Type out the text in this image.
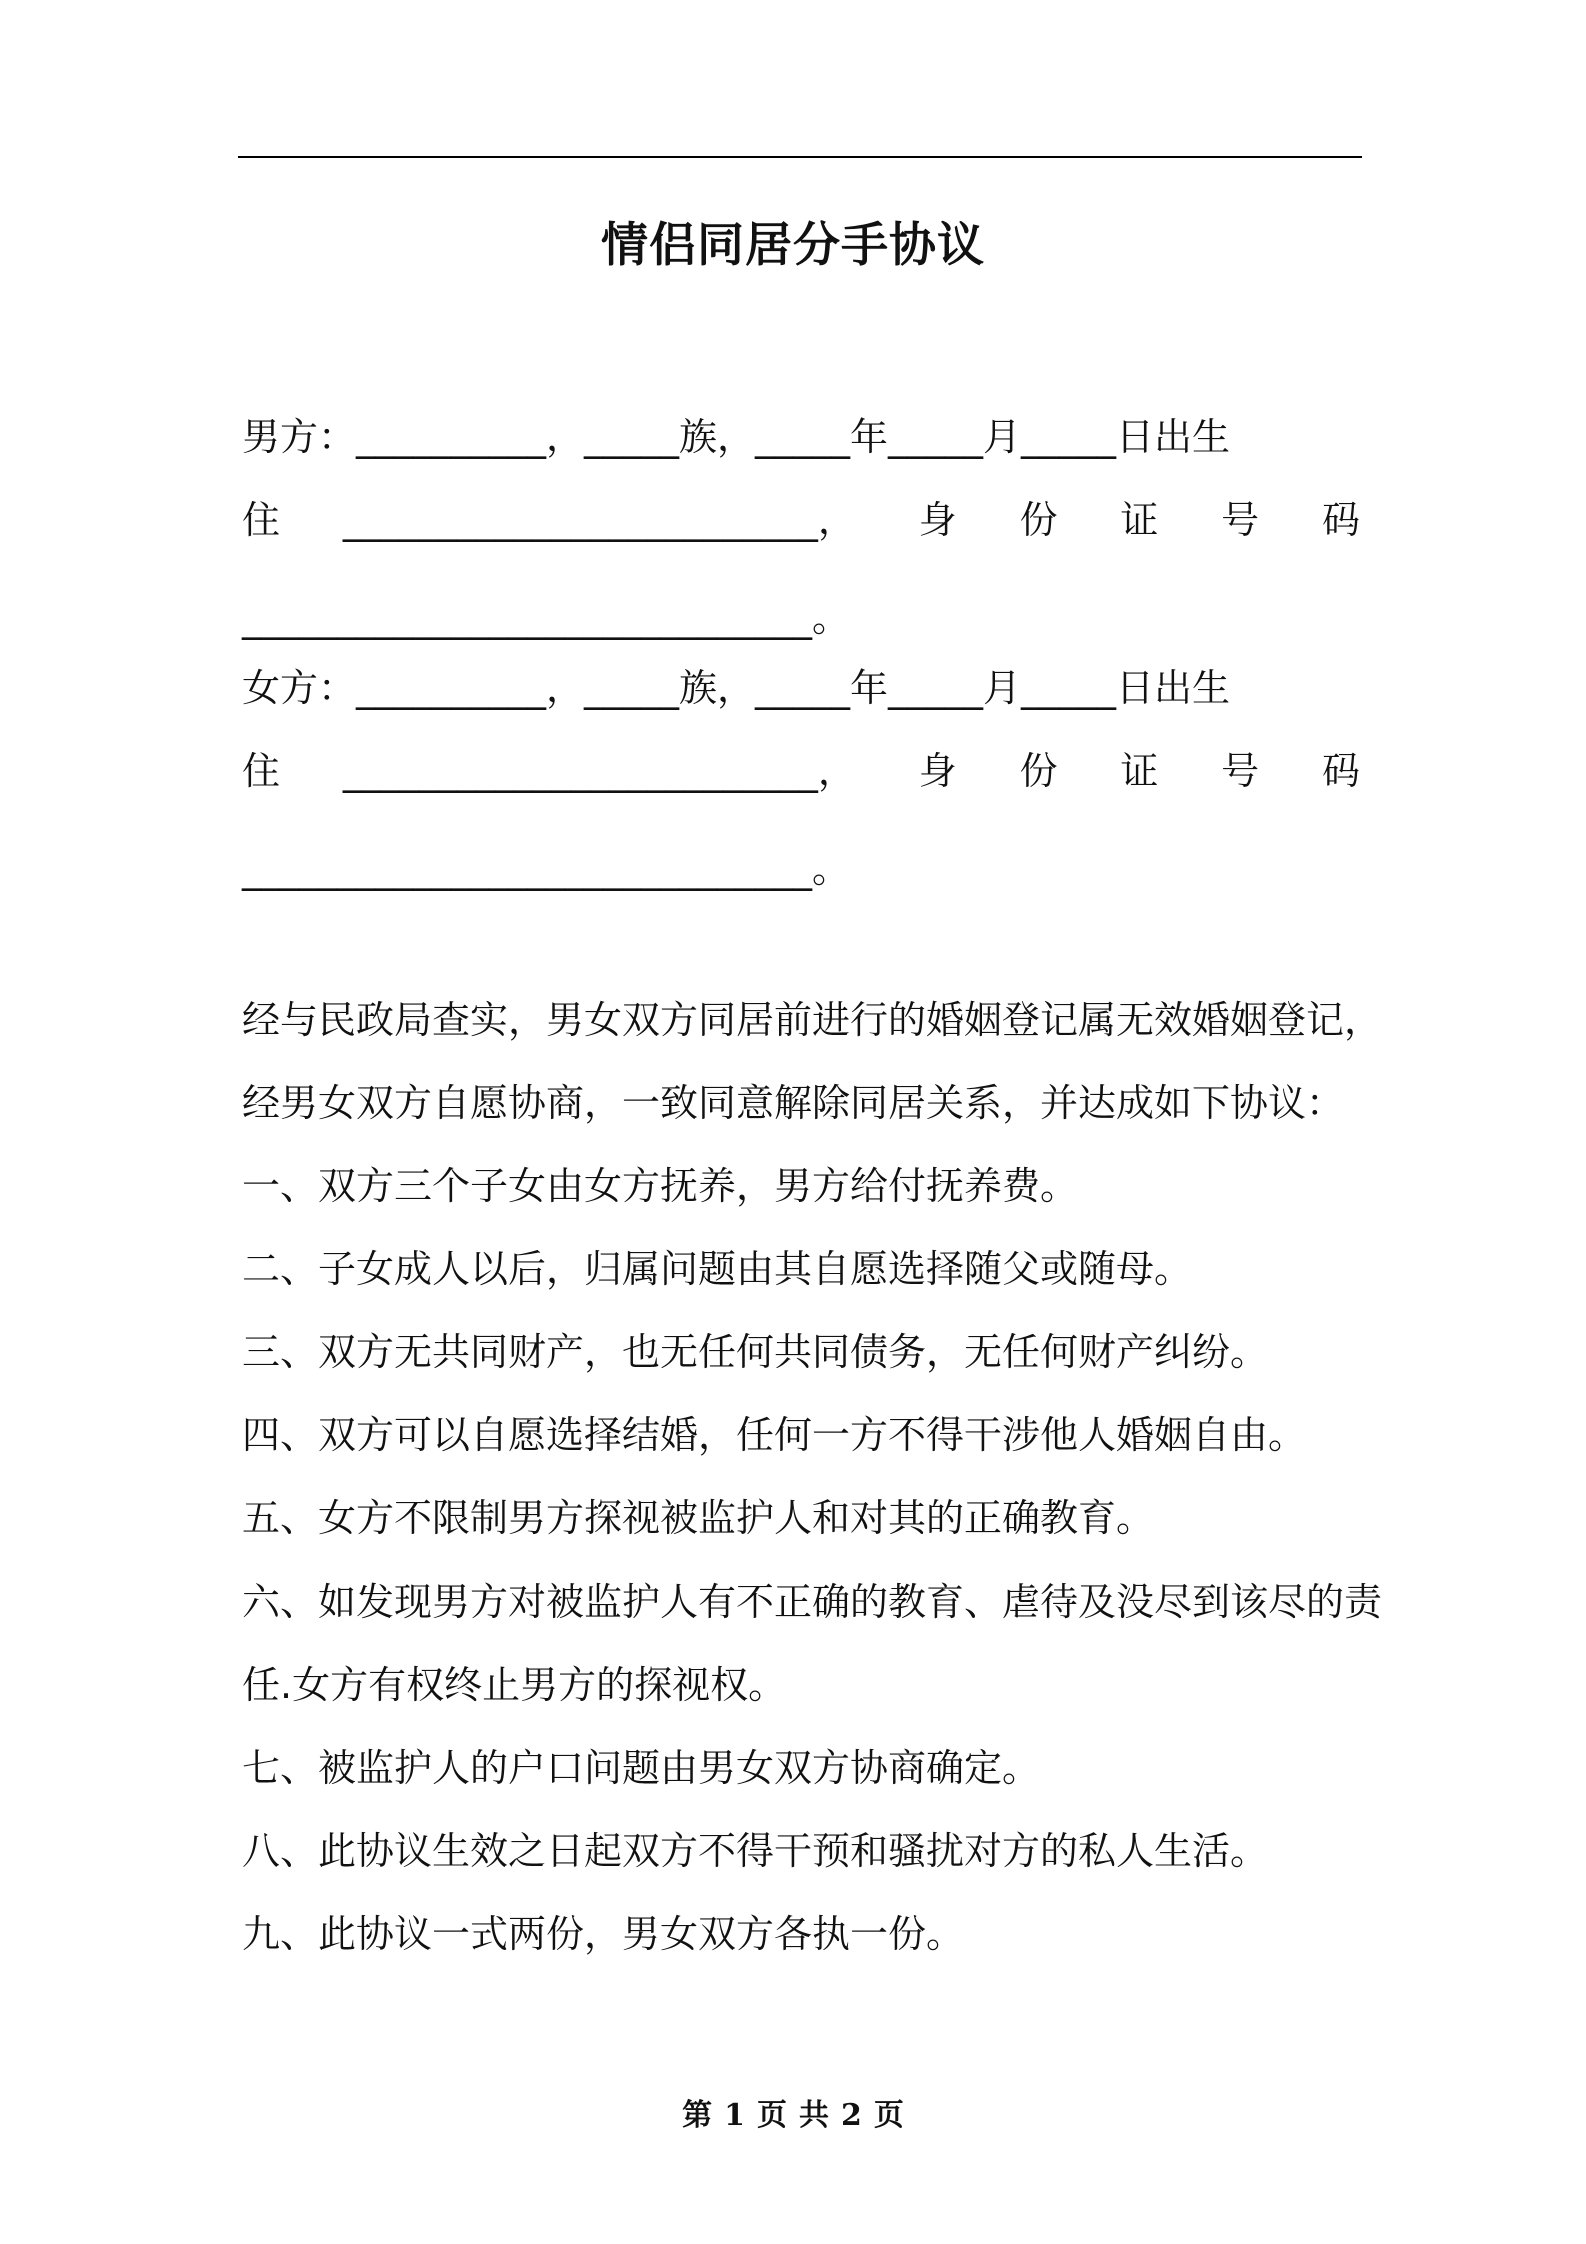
情侣同居分手协议
男方：__________，_____族，_____年_____月_____日出生
住 _________________________， 身 份 证 号 码
______________________________。
女方：__________，_____族，_____年_____月_____日出生
住 _________________________， 身 份 证 号 码
______________________________。
经与民政局查实，男女双方同居前进行的婚姻登记属无效婚姻登记，
经男女双方自愿协商，一致同意解除同居关系，并达成如下协议：
一、双方三个子女由女方抚养，男方给付抚养费。
二、子女成人以后，归属问题由其自愿选择随父或随母。
三、双方无共同财产，也无任何共同债务，无任何财产纠纷。
四、双方可以自愿选择结婚，任何一方不得干涉他人婚姻自由。
五、女方不限制男方探视被监护人和对其的正确教育。
六、如发现男方对被监护人有不正确的教育、虐待及没尽到该尽的责
任.女方有权终止男方的探视权。
七、被监护人的户口问题由男女双方协商确定。
八、此协议生效之日起双方不得干预和骚扰对方的私人生活。
九、此协议一式两份，男女双方各执一份。
第 1 页 共 2 页
